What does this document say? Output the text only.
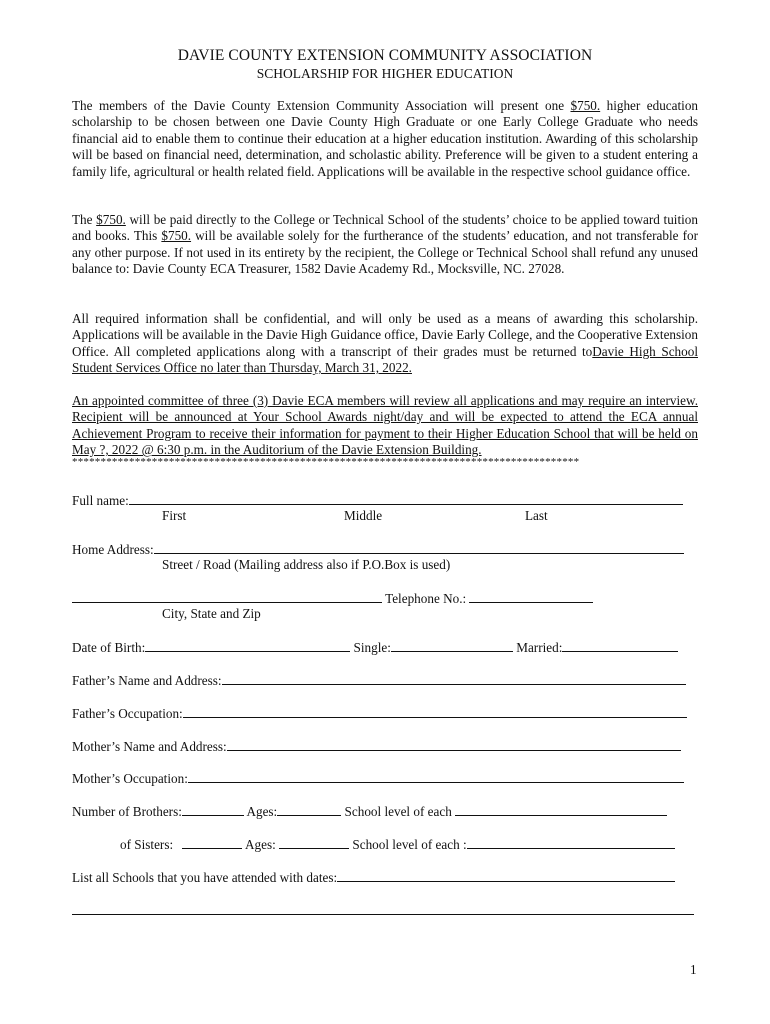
DAVIE COUNTY EXTENSION COMMUNITY ASSOCIATION
SCHOLARSHIP FOR HIGHER EDUCATION

The members of the Davie County Extension Community Association will present one $750. higher education scholarship to be chosen between one Davie County High Graduate or one Early College Graduate who needs financial aid to enable them to continue their education at a higher education institution. Awarding of this scholarship will be based on financial need, determination, and scholastic ability. Preference will be given to a student entering a family life, agricultural or health related field. Applications will be available in the respective school guidance office.

The $750. will be paid directly to the College or Technical School of the students’ choice to be applied toward tuition and books. This $750. will be available solely for the furtherance of the students’ education, and not transferable for any other purpose. If not used in its entirety by the recipient, the College or Technical School shall refund any unused balance to: Davie County ECA Treasurer, 1582 Davie Academy Rd., Mocksville, NC. 27028.

All required information shall be confidential, and will only be used as a means of awarding this scholarship. Applications will be available in the Davie High Guidance office, Davie Early College, and the Cooperative Extension Office. All completed applications along with a transcript of their grades must be returned toDavie High School Student Services Office no later than Thursday, March 31, 2022.

An appointed committee of three (3) Davie ECA members will review all applications and may require an interview. Recipient will be announced at Your School Awards night/day and will be expected to attend the ECA annual Achievement Program to receive their information for payment to their Higher Education School that will be held on May ?, 2022 @ 6:30 p.m. in the Auditorium of the Davie Extension Building.

*****************************************************************************************
Full name:
First	Middle	Last
Home Address:
Street / Road (Mailing address also if P.O.Box is used)
Telephone No.:
City, State and Zip
Date of Birth:	Single:	Married:
Father’s Name and Address:
Father’s Occupation:
Mother’s Name and Address:
Mother’s Occupation:
Number of Brothers:	Ages:	School level of each
of Sisters:	Ages:	School level of each :
List all Schools that you have attended with dates:
1
